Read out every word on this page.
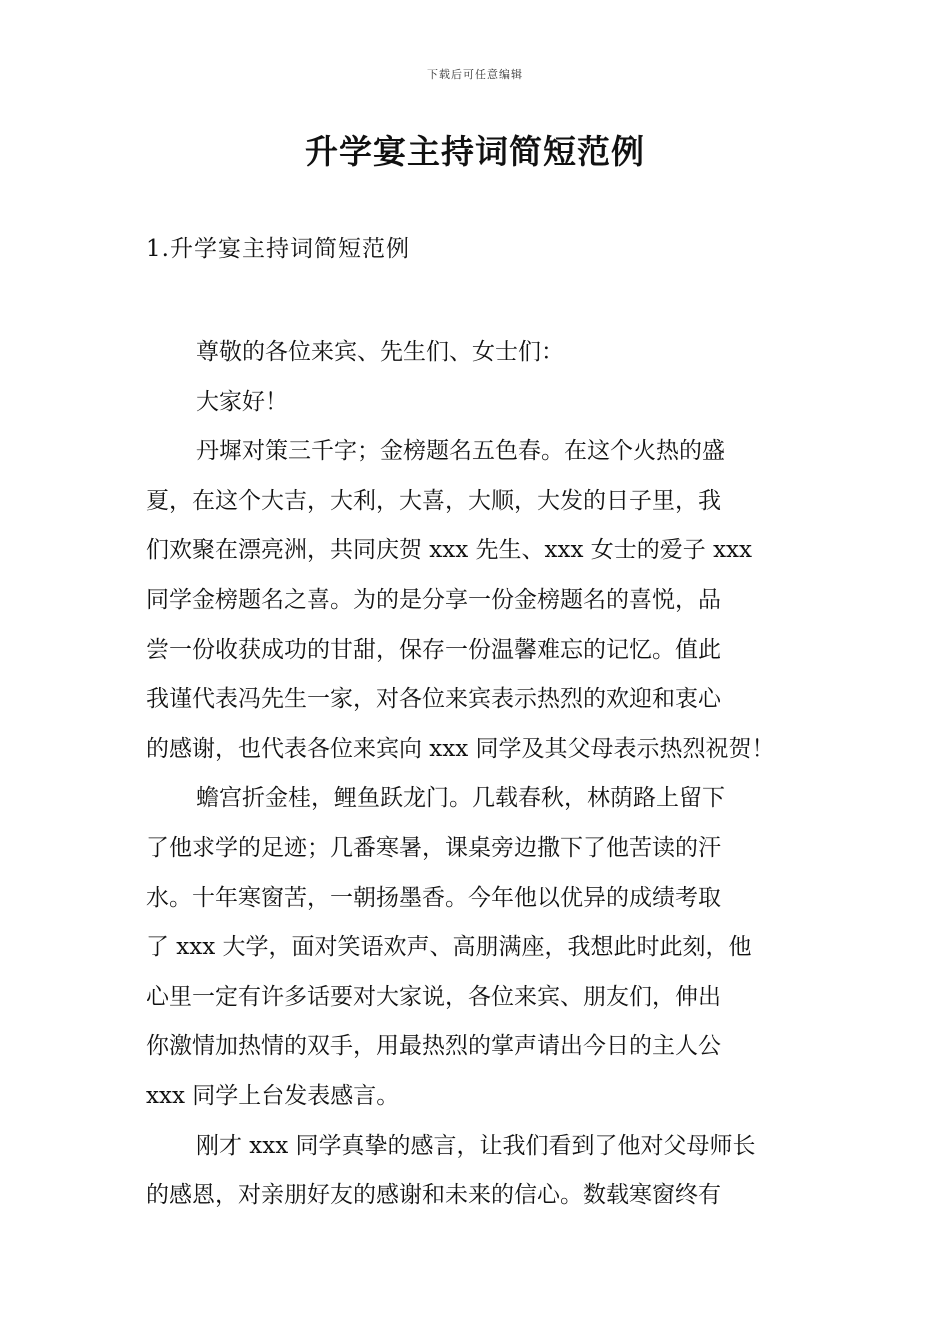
下载后可任意编辑
升学宴主持词简短范例
1.升学宴主持词简短范例

尊敬的各位来宾、先生们、女士们：

大家好！

丹墀对策三千字；金榜题名五色春。在这个火热的盛
夏，在这个大吉，大利，大喜，大顺，大发的日子里，我
们欢聚在漂亮洲，共同庆贺 xxx 先生、xxx 女士的爱子 xxx
同学金榜题名之喜。为的是分享一份金榜题名的喜悦，品
尝一份收获成功的甘甜，保存一份温馨难忘的记忆。值此
我谨代表冯先生一家，对各位来宾表示热烈的欢迎和衷心
的感谢，也代表各位来宾向 xxx 同学及其父母表示热烈祝贺！

蟾宫折金桂，鲤鱼跃龙门。几载春秋，林荫路上留下
了他求学的足迹；几番寒暑，课桌旁边撒下了他苦读的汗
水。十年寒窗苦，一朝扬墨香。今年他以优异的成绩考取
了 xxx 大学，面对笑语欢声、高朋满座，我想此时此刻，他
心里一定有许多话要对大家说，各位来宾、朋友们，伸出
你激情加热情的双手，用最热烈的掌声请出今日的主人公
xxx 同学上台发表感言。

刚才 xxx 同学真挚的感言，让我们看到了他对父母师长
的感恩，对亲朋好友的感谢和未来的信心。数载寒窗终有
